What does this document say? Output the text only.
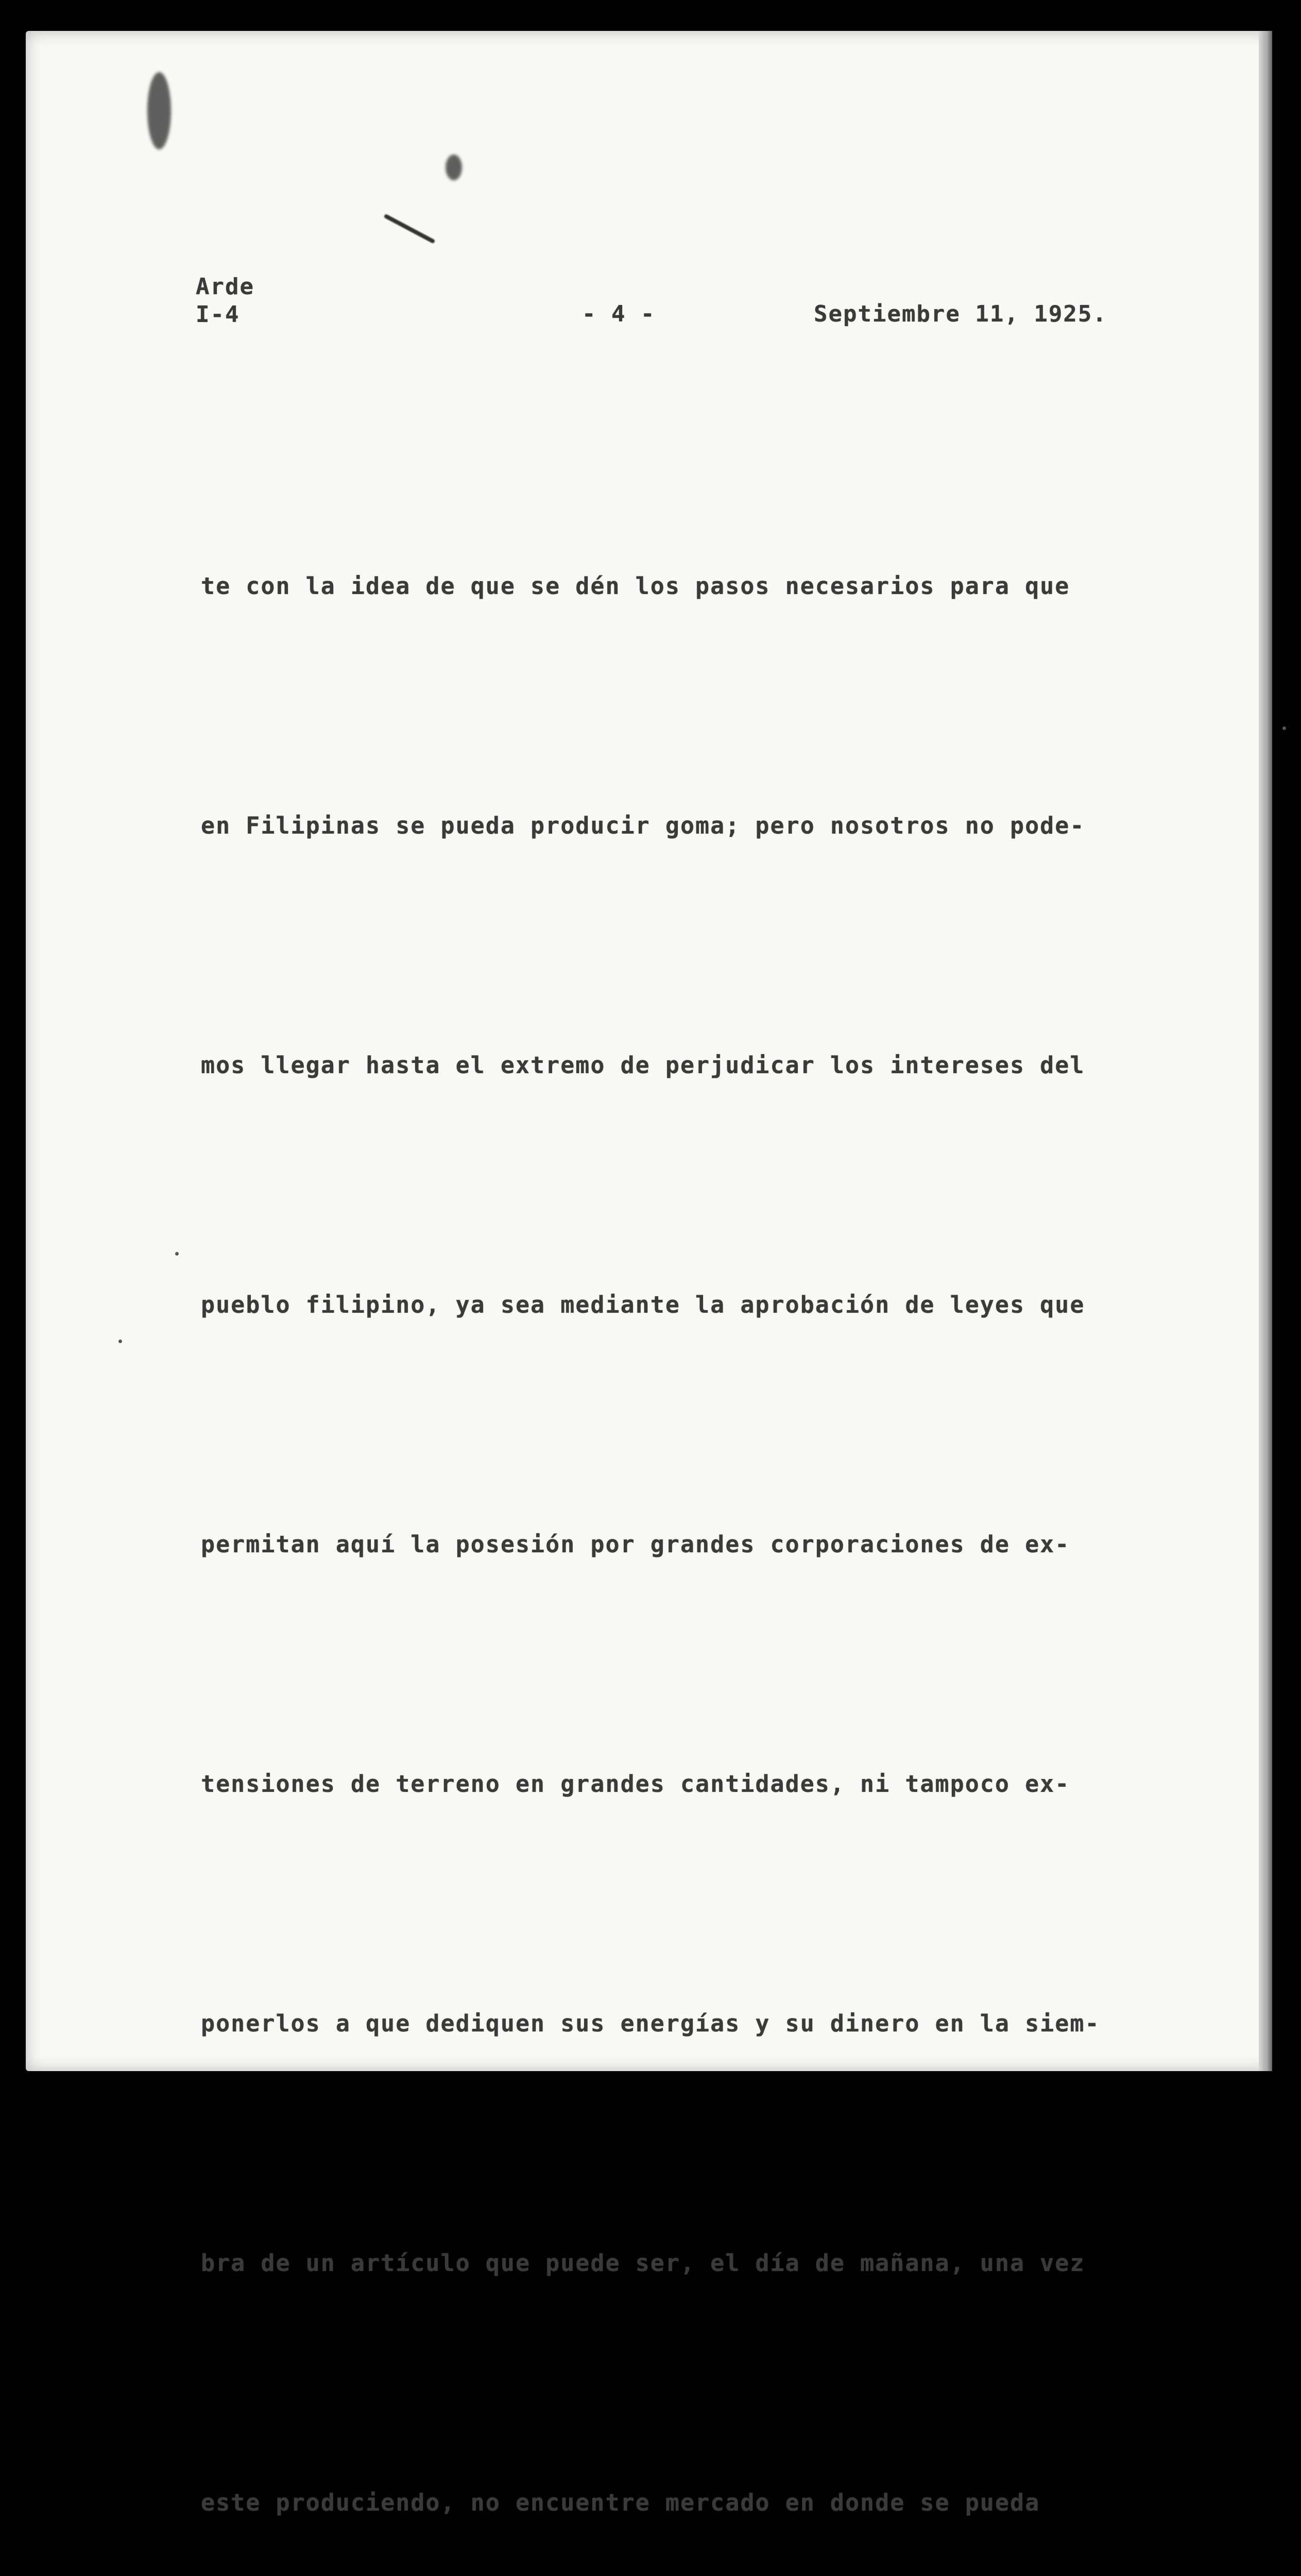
Arde
I-4	- 4 -	Septiembre 11, 1925.

te con la idea de que se dén los pasos necesarios para que

en Filipinas se pueda producir goma; pero nosotros no pode-

mos llegar hasta el extremo de perjudicar los intereses del

pueblo filipino, ya sea mediante la aprobación de leyes que

permitan aquí la posesión por grandes corporaciones de ex-

tensiones de terreno en grandes cantidades, ni tampoco ex-

ponerlos a que dediquen sus energías y su dinero en la siem-

bra de un artículo que puede ser, el día de mañana, una vez

este produciendo, no encuentre mercado en donde se pueda
